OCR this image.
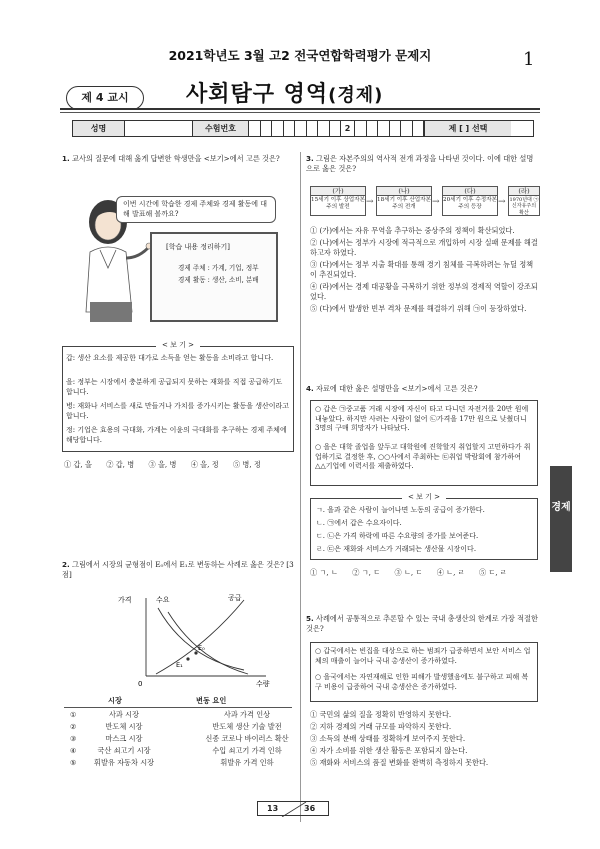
2021학년도 3월 고2 전국연합학력평가 문제지	1
제 4 교시	사회탐구 영역(경제)
성명	수험번호	2	제 [ ] 선택
1. 교사의 질문에 대해 옳게 답변한 학생만을 <보기>에서 고른 것은?
이번 시간에 학습한 경제 주체와 경제 활동에 대해 발표해 볼까요?
[학습 내용 정리하기]
경제 주체 : 가계, 기업, 정부
경제 활동 : 생산, 소비, 분배
< 보 기 >
갑: 생산 요소를 제공한 대가로 소득을 얻는 활동을 소비라고 합니다.
을: 정부는 시장에서 충분하게 공급되지 못하는 재화를 직접 공급하기도 합니다.
병: 재화나 서비스를 새로 만들거나 가치를 증가시키는 활동을 생산이라고 합니다.
정: 기업은 효용의 극대화, 가계는 이윤의 극대화를 추구하는 경제 주체에 해당합니다.
① 갑, 을 ② 갑, 병 ③ 을, 병 ④ 을, 정 ⑤ 병, 정
2. 그림에서 시장의 균형점이 E₀에서 E₁로 변동하는 사례로 옳은 것은? [3점]
가격
수량
0
수요	공급
E₀
E₁
시장	변동 요인
①	사과 시장	사과 가격 인상
②	반도체 시장	반도체 생산 기술 발전
③	마스크 시장	신종 코로나 바이러스 확산
④	국산 쇠고기 시장	수입 쇠고기 가격 인하
⑤	휘발유 자동차 시장	휘발유 가격 인하
3. 그림은 자본주의의 역사적 전개 과정을 나타낸 것이다. 이에 대한 설명으로 옳은 것은?
(가)
15세기 이후 상업자본주의 발전	→
(나)
18세기 이후 산업자본주의 전개	→
(다)
20세기 이후 수정자본주의 등장	→
(라)
1970년대 ㉠신자유주의 확산
① (가)에서는 자유 무역을 추구하는 중상주의 정책이 확산되었다.
② (나)에서는 정부가 시장에 적극적으로 개입하여 시장 실패 문제를 해결하고자 하였다.
③ (다)에서는 정부 지출 확대를 통해 경기 침체를 극복하려는 뉴딜 정책이 추진되었다.
④ (라)에서는 경제 대공황을 극복하기 위한 정부의 경제적 역할이 강조되었다.
⑤ (다)에서 발생한 빈부 격차 문제를 해결하기 위해 ㉠이 등장하였다.
4. 자료에 대한 옳은 설명만을 <보기>에서 고른 것은?
○ 갑은 ㉠중고품 거래 시장에 자신이 타고 다니던 자전거를 20만 원에 내놓았다. 하지만 사려는 사람이 없어 ㉡가격을 17만 원으로 낮췄더니 3명의 구매 희망자가 나타났다.
○ 을은 대학 졸업을 앞두고 대학원에 진학할지 취업할지 고민하다가 취업하기로 결정한 후, ○○사에서 주최하는 ㉢취업 박람회에 참가하여 △△기업에 이력서를 제출하였다.
< 보 기 >
ㄱ. 을과 같은 사람이 늘어나면 노동의 공급이 증가한다.
ㄴ. ㉠에서 갑은 수요자이다.
ㄷ. ㉡은 가격 하락에 따른 수요량의 증가를 보여준다.
ㄹ. ㉢은 재화와 서비스가 거래되는 생산물 시장이다.
① ㄱ, ㄴ ② ㄱ, ㄷ ③ ㄴ, ㄷ ④ ㄴ, ㄹ ⑤ ㄷ, ㄹ
5. 사례에서 공통적으로 추론할 수 있는 국내 총생산의 한계로 가장 적절한 것은?
○ 갑국에서는 빈집을 대상으로 하는 범죄가 급증하면서 보안 서비스 업체의 매출이 늘어나 국내 총생산이 증가하였다.
○ 을국에서는 자연재해로 인한 피해가 발생했음에도 불구하고 피해 복구 비용이 급증하여 국내 총생산은 증가하였다.
① 국민의 삶의 질을 정확히 반영하지 못한다.
② 지하 경제의 거래 규모를 파악하지 못한다.
③ 소득의 분배 상태를 정확하게 보여주지 못한다.
④ 자가 소비를 위한 생산 활동은 포함되지 않는다.
⑤ 재화와 서비스의 품질 변화를 완벽히 측정하지 못한다.
경제
13	36
